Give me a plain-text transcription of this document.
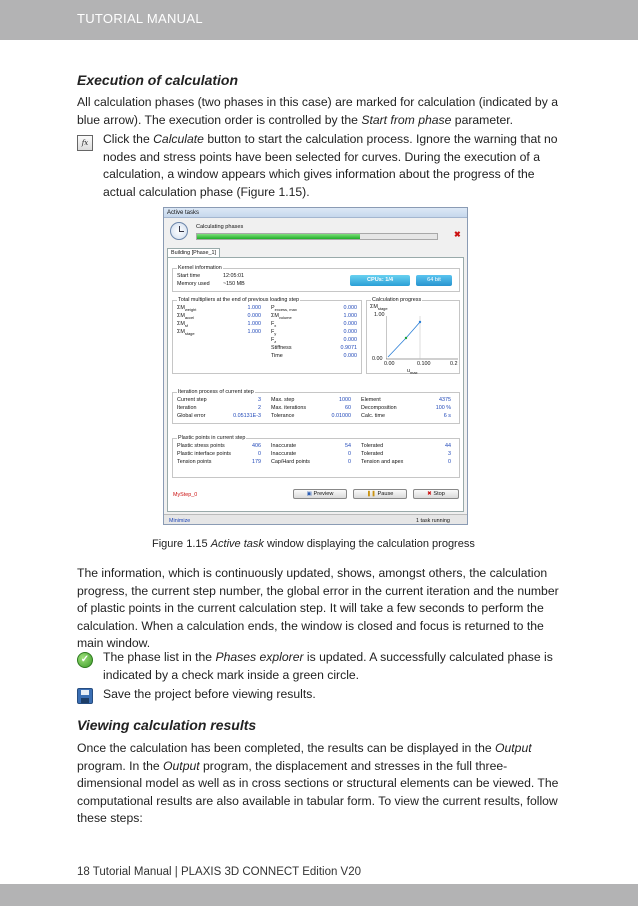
TUTORIAL MANUAL
Execution of calculation
All calculation phases (two phases in this case) are marked for calculation (indicated by a blue arrow). The execution order is controlled by the Start from phase parameter.
fx	Click the Calculate button to start the calculation process. Ignore the warning that no nodes and stress points have been selected for curves. During the execution of a calculation, a window appears which gives information about the progress of the actual calculation phase (Figure 1.15).
Active tasks
Calculating phases
✖
Building [Phase_1]
Kernel information
Start time	12:05:01
Memory used ~150 MB
CPUs: 1/4	64 bit
Total multipliers at the end of previous loading step
$\Sigma M_{weight}$	1.000
$\Sigma M_{accel}$	0.000
$\Sigma M_{sf}$	1.000
$\Sigma M_{stage}$	1.000
$P_{excess, max}$	0.000
$\Sigma M_{volume}$	1.000
$F_x$	0.000
$F_y$	0.000
$F_z$	0.000
Stiffness	0.9071
Time	0.000
Calculation progress
$\Sigma M_{stage}$
1.00
0.00
0.00	0.100	0.2
$u_{max}$
Iteration process of current step
Current step	3 Max. step	1000 Element	4375
Iteration	2 Max. iterations	60 Decomposition	100 %
Global error	0.05131E-3 Tolerance	0.01000 Calc. time	6 s
Plastic points in current step
Plastic stress points	406 Inaccurate	54 Tolerated	44
Plastic interface points	0 Inaccurate	0 Tolerated	3
Tension points	179 Cap/Hard points	0 Tension and apex	0
MyStep_0	▣ Preview	❚❚ Pause	✖ Stop
Minimize	1 task running
Figure 1.15 Active task window displaying the calculation progress
The information, which is continuously updated, shows, amongst others, the calculation progress, the current step number, the global error in the current iteration and the number of plastic points in the current calculation step. It will take a few seconds to perform the calculation. When a calculation ends, the window is closed and focus is returned to the main window.
✓	The phase list in the Phases explorer is updated. A successfully calculated phase is indicated by a check mark inside a green circle.
Save the project before viewing results.
Viewing calculation results
Once the calculation has been completed, the results can be displayed in the Output program. In the Output program, the displacement and stresses in the full three-dimensional model as well as in cross sections or structural elements can be viewed. The computational results are also available in tabular form. To view the current results, follow these steps:
18 Tutorial Manual | PLAXIS 3D CONNECT Edition V20
